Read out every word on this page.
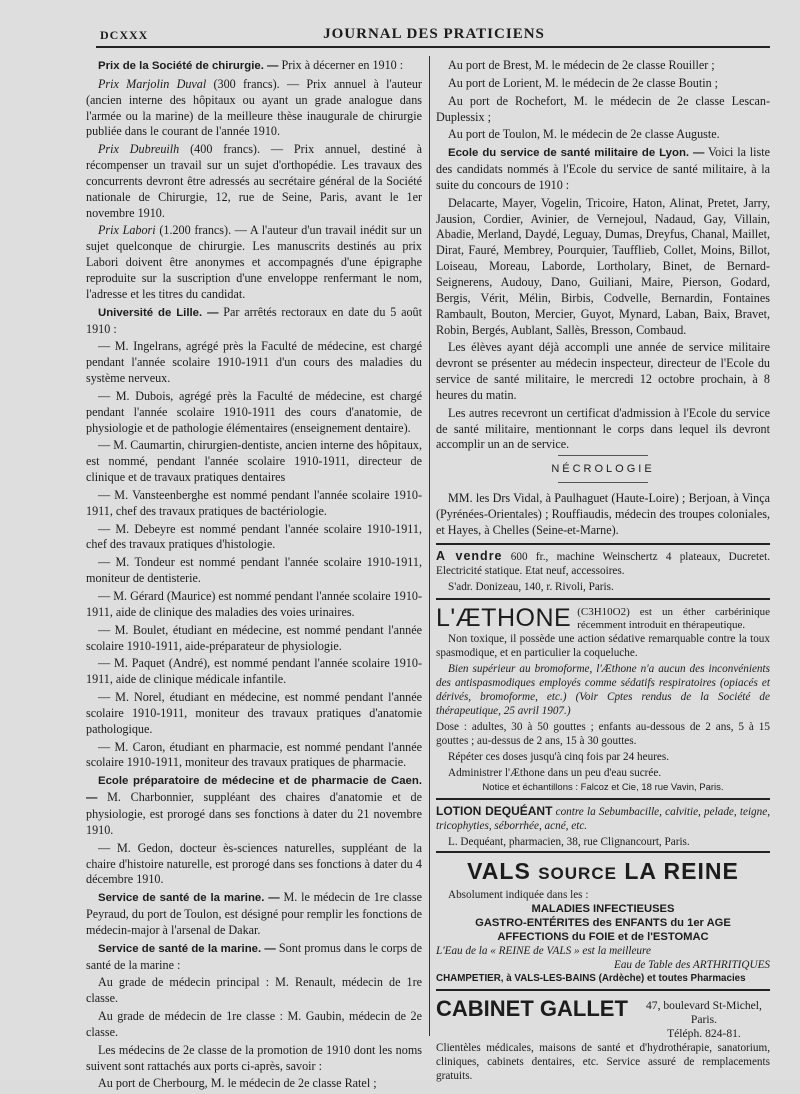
DCXXX	JOURNAL DES PRATICIENS

Prix de la Société de chirurgie. — Prix à décerner en 1910 :

Prix Marjolin Duval (300 francs). — Prix annuel à l'auteur (ancien interne des hôpitaux ou ayant un grade analogue dans l'armée ou la marine) de la meilleure thèse inaugurale de chirurgie publiée dans le courant de l'année 1910.

Prix Dubreuilh (400 francs). — Prix annuel, destiné à récompenser un travail sur un sujet d'orthopédie. Les travaux des concurrents devront être adressés au secrétaire général de la Société nationale de Chirurgie, 12, rue de Seine, Paris, avant le 1er novembre 1910.

Prix Labori (1.200 francs). — A l'auteur d'un travail inédit sur un sujet quelconque de chirurgie. Les manuscrits destinés au prix Labori doivent être anonymes et accompagnés d'une épigraphe reproduite sur la suscription d'une enveloppe renfermant le nom, l'adresse et les titres du candidat.

Université de Lille. — Par arrêtés rectoraux en date du 5 août 1910 :

— M. Ingelrans, agrégé près la Faculté de médecine, est chargé pendant l'année scolaire 1910-1911 d'un cours des maladies du système nerveux.

— M. Dubois, agrégé près la Faculté de médecine, est chargé pendant l'année scolaire 1910-1911 des cours d'anatomie, de physiologie et de pathologie élémentaires (enseignement dentaire).

— M. Caumartin, chirurgien-dentiste, ancien interne des hôpitaux, est nommé, pendant l'année scolaire 1910-1911, directeur de clinique et de travaux pratiques dentaires

— M. Vansteenberghe est nommé pendant l'année scolaire 1910-1911, chef des travaux pratiques de bactériologie.

— M. Debeyre est nommé pendant l'année scolaire 1910-1911, chef des travaux pratiques d'histologie.

— M. Tondeur est nommé pendant l'année scolaire 1910-1911, moniteur de dentisterie.

— M. Gérard (Maurice) est nommé pendant l'année scolaire 1910-1911, aide de clinique des maladies des voies urinaires.

— M. Boulet, étudiant en médecine, est nommé pendant l'année scolaire 1910-1911, aide-préparateur de physiologie.

— M. Paquet (André), est nommé pendant l'année scolaire 1910-1911, aide de clinique médicale infantile.

— M. Norel, étudiant en médecine, est nommé pendant l'année scolaire 1910-1911, moniteur des travaux pratiques d'anatomie pathologique.

— M. Caron, étudiant en pharmacie, est nommé pendant l'année scolaire 1910-1911, moniteur des travaux pratiques de pharmacie.

Ecole préparatoire de médecine et de pharmacie de Caen. — M. Charbonnier, suppléant des chaires d'anatomie et de physiologie, est prorogé dans ses fonctions à dater du 21 novembre 1910.

— M. Gedon, docteur ès-sciences naturelles, suppléant de la chaire d'histoire naturelle, est prorogé dans ses fonctions à dater du 4 décembre 1910.

Service de santé de la marine. — M. le médecin de 1re classe Peyraud, du port de Toulon, est désigné pour remplir les fonctions de médecin-major à l'arsenal de Dakar.

Service de santé de la marine. — Sont promus dans le corps de santé de la marine :

Au grade de médecin principal : M. Renault, médecin de 1re classe.

Au grade de médecin de 1re classe : M. Gaubin, médecin de 2e classe.

Les médecins de 2e classe de la promotion de 1910 dont les noms suivent sont rattachés aux ports ci-après, savoir :

Au port de Cherbourg, M. le médecin de 2e classe Ratel ;

Au port de Brest, M. le médecin de 2e classe Rouiller ;

Au port de Lorient, M. le médecin de 2e classe Boutin ;

Au port de Rochefort, M. le médecin de 2e classe Lescan-Duplessix ;

Au port de Toulon, M. le médecin de 2e classe Auguste.

Ecole du service de santé militaire de Lyon. — Voici la liste des candidats nommés à l'Ecole du service de santé militaire, à la suite du concours de 1910 :

Delacarte, Mayer, Vogelin, Tricoire, Haton, Alinat, Pretet, Jarry, Jausion, Cordier, Avinier, de Vernejoul, Nadaud, Gay, Villain, Abadie, Merland, Daydé, Leguay, Dumas, Dreyfus, Chanal, Maillet, Dirat, Fauré, Membrey, Pourquier, Taufflieb, Collet, Moins, Billot, Loiseau, Moreau, Laborde, Lortholary, Binet, de Bernard-Seignerens, Audouy, Dano, Guiliani, Maire, Pierson, Godard, Bergis, Vérit, Mélin, Birbis, Codvelle, Bernardin, Fontaines Rambault, Bouton, Mercier, Guyot, Mynard, Laban, Baix, Bravet, Robin, Bergés, Aublant, Sallès, Bresson, Combaud.

Les élèves ayant déjà accompli une année de service militaire devront se présenter au médecin inspecteur, directeur de l'Ecole du service de santé militaire, le mercredi 12 octobre prochain, à 8 heures du matin.

Les autres recevront un certificat d'admission à l'Ecole du service de santé militaire, mentionnant le corps dans lequel ils devront accomplir un an de service.

NÉCROLOGIE

MM. les Drs Vidal, à Paulhaguet (Haute-Loire) ; Berjoan, à Vinça (Pyrénées-Orientales) ; Rouffiaudis, médecin des troupes coloniales, et Hayes, à Chelles (Seine-et-Marne).

A vendre 600 fr., machine Weinschertz 4 plateaux, Ducretet. Electricité statique. Etat neuf, accessoires.

S'adr. Donizeau, 140, r. Rivoli, Paris.

L'ÆTHONE (C3H10O2) est un éther carbérinique récemment introduit en thérapeutique.

Non toxique, il possède une action sédative remarquable contre la toux spasmodique, et en particulier la coqueluche.

Bien supérieur au bromoforme, l'Æthone n'a aucun des inconvénients des antispasmodiques employés comme sédatifs respiratoires (opiacés et dérivés, bromoforme, etc.) (Voir Cptes rendus de la Société de thérapeutique, 25 avril 1907.)

Dose : adultes, 30 à 50 gouttes ; enfants au-dessous de 2 ans, 5 à 15 gouttes ; au-dessus de 2 ans, 15 à 30 gouttes.

Répéter ces doses jusqu'à cinq fois par 24 heures.

Administrer l'Æthone dans un peu d'eau sucrée.

Notice et échantillons : Falcoz et Cie, 18 rue Vavin, Paris.

LOTION DEQUÉANT contre la Sebumbacille, calvitie, pelade, teigne, tricophyties, séborrhée, acné, etc.

L. Dequéant, pharmacien, 38, rue Clignancourt, Paris.

VALS SOURCE LA REINE
Absolument indiquée dans les :
MALADIES INFECTIEUSES
GASTRO-ENTÉRITES des ENFANTS du 1er AGE
AFFECTIONS du FOIE et de l'ESTOMAC
L'Eau de la « REINE de VALS » est la meilleure
Eau de Table des ARTHRITIQUES
CHAMPETIER, à VALS-LES-BAINS (Ardèche) et toutes Pharmacies
CABINET GALLET	47, boulevard St-Michel, Paris.
Téléph. 824-81.

Clientèles médicales, maisons de santé et d'hydrothérapie, sanatorium, cliniques, cabinets dentaires, etc. Service assuré de remplacements gratuits.
